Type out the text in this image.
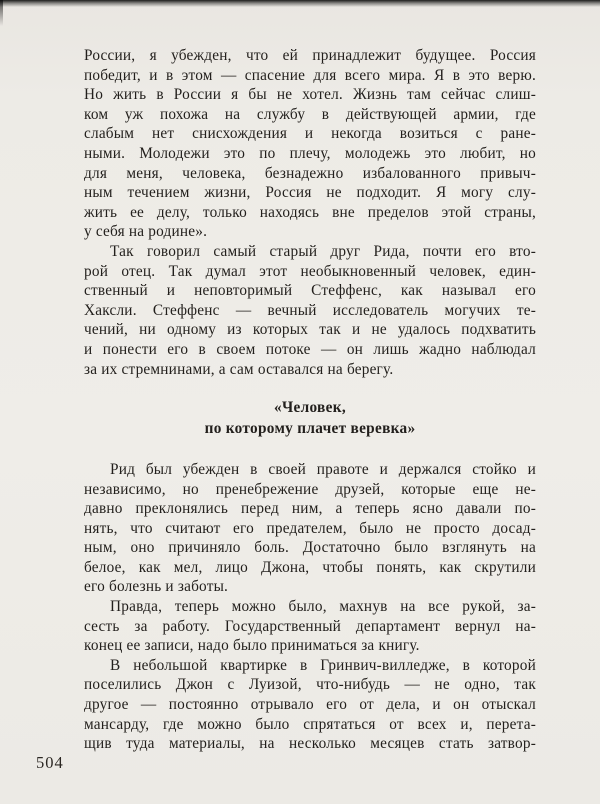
России, я убежден, что ей принадлежит будущее. Россия
победит, и в этом — спасение для всего мира. Я в это верю.
Но жить в России я бы не хотел. Жизнь там сейчас слиш-
ком уж похожа на службу в действующей армии, где
слабым нет снисхождения и некогда возиться с ране-
ными. Молодежи это по плечу, молодежь это любит, но
для меня, человека, безнадежно избалованного привыч-
ным течением жизни, Россия не подходит. Я могу слу-
жить ее делу, только находясь вне пределов этой страны,
у себя на родине».
Так говорил самый старый друг Рида, почти его вто-
рой отец. Так думал этот необыкновенный человек, един-
ственный и неповторимый Стеффенс, как называл его
Хаксли. Стеффенс — вечный исследователь могучих те-
чений, ни одному из которых так и не удалось подхватить
и понести его в своем потоке — он лишь жадно наблюдал
за их стремнинами, а сам оставался на берегу.
«Человек,
по которому плачет веревка»
Рид был убежден в своей правоте и держался стойко и
независимо, но пренебрежение друзей, которые еще не-
давно преклонялись перед ним, а теперь ясно давали по-
нять, что считают его предателем, было не просто досад-
ным, оно причиняло боль. Достаточно было взглянуть на
белое, как мел, лицо Джона, чтобы понять, как скрутили
его болезнь и заботы.
Правда, теперь можно было, махнув на все рукой, за-
сесть за работу. Государственный департамент вернул на-
конец ее записи, надо было приниматься за книгу.
В небольшой квартирке в Гринвич-вилледже, в которой
поселились Джон с Луизой, что-нибудь — не одно, так
другое — постоянно отрывало его от дела, и он отыскал
мансарду, где можно было спрятаться от всех и, перета-
щив туда материалы, на несколько месяцев стать затвор-
504
